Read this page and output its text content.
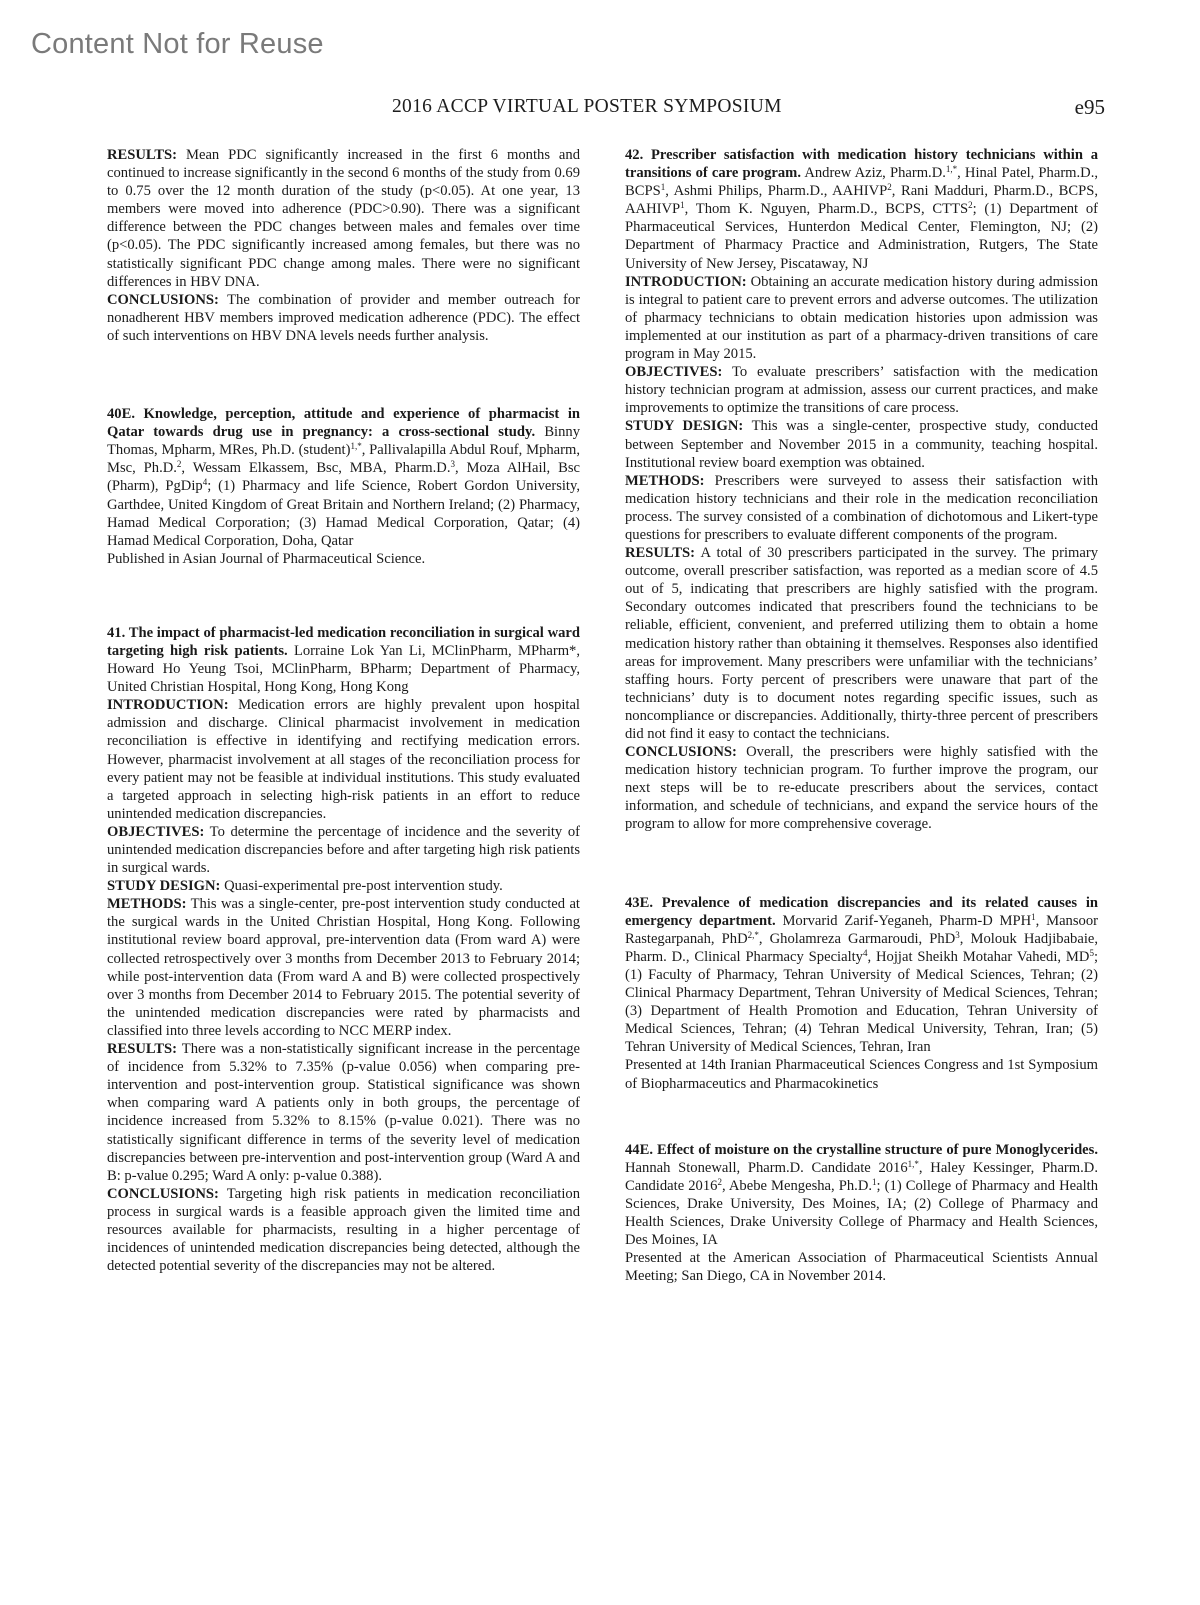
Content Not for Reuse
2016 ACCP VIRTUAL POSTER SYMPOSIUM	e95

RESULTS: Mean PDC significantly increased in the first 6 months and continued to increase significantly in the second 6 months of the study from 0.69 to 0.75 over the 12 month duration of the study (p<0.05). At one year, 13 members were moved into adherence (PDC>0.90). There was a significant difference between the PDC changes between males and females over time (p<0.05). The PDC significantly increased among females, but there was no statistically significant PDC change among males. There were no significant differences in HBV DNA.

CONCLUSIONS: The combination of provider and member outreach for nonadherent HBV members improved medication adherence (PDC). The effect of such interventions on HBV DNA levels needs further analysis.

40E. Knowledge, perception, attitude and experience of pharmacist in Qatar towards drug use in pregnancy: a cross-sectional study. Binny Thomas, Mpharm, MRes, Ph.D. (student)$^{1,*}$, Pallivalapilla Abdul Rouf, Mpharm, Msc, Ph.D.$^2$, Wessam Elkassem, Bsc, MBA, Pharm.D.$^3$, Moza AlHail, Bsc (Pharm), PgDip$^4$; (1) Pharmacy and life Science, Robert Gordon University, Garthdee, United Kingdom of Great Britain and Northern Ireland; (2) Pharmacy, Hamad Medical Corporation; (3) Hamad Medical Corporation, Qatar; (4) Hamad Medical Corporation, Doha, Qatar

Published in Asian Journal of Pharmaceutical Science.

41. The impact of pharmacist-led medication reconciliation in surgical ward targeting high risk patients. Lorraine Lok Yan Li, MClinPharm, MPharm*, Howard Ho Yeung Tsoi, MClinPharm, BPharm; Department of Pharmacy, United Christian Hospital, Hong Kong, Hong Kong

INTRODUCTION: Medication errors are highly prevalent upon hospital admission and discharge. Clinical pharmacist involvement in medication reconciliation is effective in identifying and rectifying medication errors. However, pharmacist involvement at all stages of the reconciliation process for every patient may not be feasible at individual institutions. This study evaluated a targeted approach in selecting high-risk patients in an effort to reduce unintended medication discrepancies.

OBJECTIVES: To determine the percentage of incidence and the severity of unintended medication discrepancies before and after targeting high risk patients in surgical wards.

STUDY DESIGN: Quasi-experimental pre-post intervention study.

METHODS: This was a single-center, pre-post intervention study conducted at the surgical wards in the United Christian Hospital, Hong Kong. Following institutional review board approval, pre-intervention data (From ward A) were collected retrospectively over 3 months from December 2013 to February 2014; while post-intervention data (From ward A and B) were collected prospectively over 3 months from December 2014 to February 2015. The potential severity of the unintended medication discrepancies were rated by pharmacists and classified into three levels according to NCC MERP index.

RESULTS: There was a non-statistically significant increase in the percentage of incidence from 5.32% to 7.35% (p-value 0.056) when comparing pre-intervention and post-intervention group. Statistical significance was shown when comparing ward A patients only in both groups, the percentage of incidence increased from 5.32% to 8.15% (p-value 0.021). There was no statistically significant difference in terms of the severity level of medication discrepancies between pre-intervention and post-intervention group (Ward A and B: p-value 0.295; Ward A only: p-value 0.388).

CONCLUSIONS: Targeting high risk patients in medication reconciliation process in surgical wards is a feasible approach given the limited time and resources available for pharmacists, resulting in a higher percentage of incidences of unintended medication discrepancies being detected, although the detected potential severity of the discrepancies may not be altered.

42. Prescriber satisfaction with medication history technicians within a transitions of care program. Andrew Aziz, Pharm.D.$^{1,*}$, Hinal Patel, Pharm.D., BCPS$^1$, Ashmi Philips, Pharm.D., AAHIVP$^2$, Rani Madduri, Pharm.D., BCPS, AAHIVP$^1$, Thom K. Nguyen, Pharm.D., BCPS, CTTS$^2$; (1) Department of Pharmaceutical Services, Hunterdon Medical Center, Flemington, NJ; (2) Department of Pharmacy Practice and Administration, Rutgers, The State University of New Jersey, Piscataway, NJ

INTRODUCTION: Obtaining an accurate medication history during admission is integral to patient care to prevent errors and adverse outcomes. The utilization of pharmacy technicians to obtain medication histories upon admission was implemented at our institution as part of a pharmacy-driven transitions of care program in May 2015.

OBJECTIVES: To evaluate prescribers’ satisfaction with the medication history technician program at admission, assess our current practices, and make improvements to optimize the transitions of care process.

STUDY DESIGN: This was a single-center, prospective study, conducted between September and November 2015 in a community, teaching hospital. Institutional review board exemption was obtained.

METHODS: Prescribers were surveyed to assess their satisfaction with medication history technicians and their role in the medication reconciliation process. The survey consisted of a combination of dichotomous and Likert-type questions for prescribers to evaluate different components of the program.

RESULTS: A total of 30 prescribers participated in the survey. The primary outcome, overall prescriber satisfaction, was reported as a median score of 4.5 out of 5, indicating that prescribers are highly satisfied with the program. Secondary outcomes indicated that prescribers found the technicians to be reliable, efficient, convenient, and preferred utilizing them to obtain a home medication history rather than obtaining it themselves. Responses also identified areas for improvement. Many prescribers were unfamiliar with the technicians’ staffing hours. Forty percent of prescribers were unaware that part of the technicians’ duty is to document notes regarding specific issues, such as noncompliance or discrepancies. Additionally, thirty-three percent of prescribers did not find it easy to contact the technicians.

CONCLUSIONS: Overall, the prescribers were highly satisfied with the medication history technician program. To further improve the program, our next steps will be to re-educate prescribers about the services, contact information, and schedule of technicians, and expand the service hours of the program to allow for more comprehensive coverage.

43E. Prevalence of medication discrepancies and its related causes in emergency department. Morvarid Zarif-Yeganeh, Pharm-D MPH$^1$, Mansoor Rastegarpanah, PhD$^{2,*}$, Gholamreza Garmaroudi, PhD$^3$, Molouk Hadjibabaie, Pharm. D., Clinical Pharmacy Specialty$^4$, Hojjat Sheikh Motahar Vahedi, $MD^5$; (1) Faculty of Pharmacy, Tehran University of Medical Sciences, Tehran; (2) Clinical Pharmacy Department, Tehran University of Medical Sciences, Tehran; (3) Department of Health Promotion and Education, Tehran University of Medical Sciences, Tehran; (4) Tehran Medical University, Tehran, Iran; (5) Tehran University of Medical Sciences, Tehran, Iran

Presented at 14th Iranian Pharmaceutical Sciences Congress and 1st Symposium of Biopharmaceutics and Pharmacokinetics

44E. Effect of moisture on the crystalline structure of pure Monoglycerides. Hannah Stonewall, Pharm.D. Candidate $2016^{1,*}$, Haley Kessinger, Pharm.D. Candidate 2016$^2$, Abebe Mengesha, Ph.D.$^1$; (1) College of Pharmacy and Health Sciences, Drake University, Des Moines, IA; (2) College of Pharmacy and Health Sciences, Drake University College of Pharmacy and Health Sciences, Des Moines, IA

Presented at the American Association of Pharmaceutical Scientists Annual Meeting; San Diego, CA in November 2014.
